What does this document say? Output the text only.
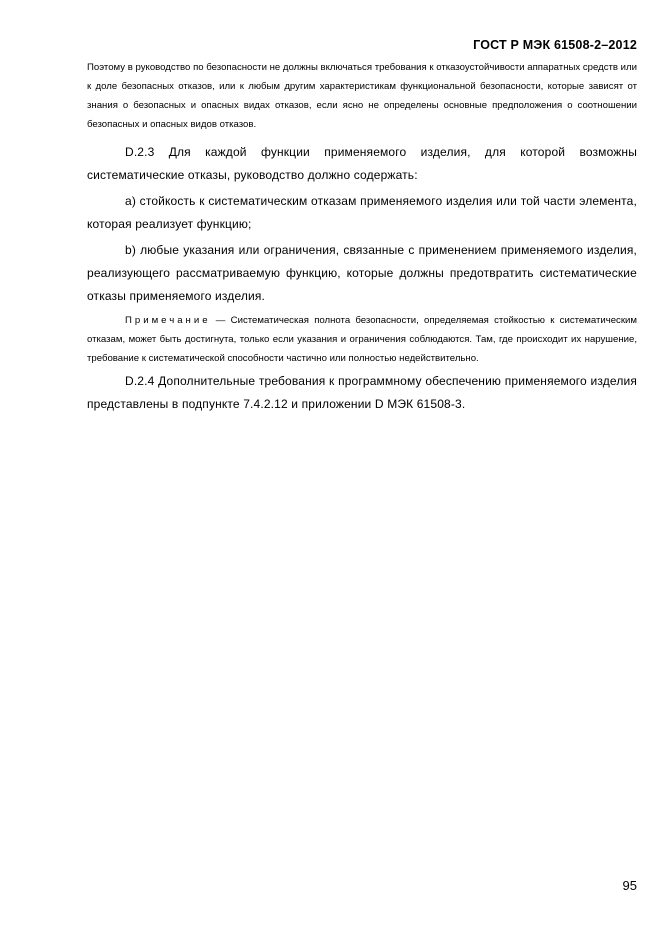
ГОСТ Р МЭК 61508-2–2012

Поэтому в руководство по безопасности не должны включаться требования к отказоустойчивости аппаратных средств или к доле безопасных отказов, или к любым другим характеристикам функциональной безопасности, которые зависят от знания о безопасных и опасных видах отказов, если ясно не определены основные предположения о соотношении безопасных и опасных видов отказов.

D.2.3 Для каждой функции применяемого изделия, для которой возможны систематические отказы, руководство должно содержать:

a) стойкость к систематическим отказам применяемого изделия или той части элемента, которая реализует функцию;

b) любые указания или ограничения, связанные с применением применяемого изделия, реализующего рассматриваемую функцию, которые должны предотвратить систематические отказы применяемого изделия.

Примечание — Систематическая полнота безопасности, определяемая стойкостью к систематическим отказам, может быть достигнута, только если указания и ограничения соблюдаются. Там, где происходит их нарушение, требование к систематической способности частично или полностью недействительно.

D.2.4 Дополнительные требования к программному обеспечению применяемого изделия представлены в подпункте 7.4.2.12 и приложении D МЭК 61508-3.

95
